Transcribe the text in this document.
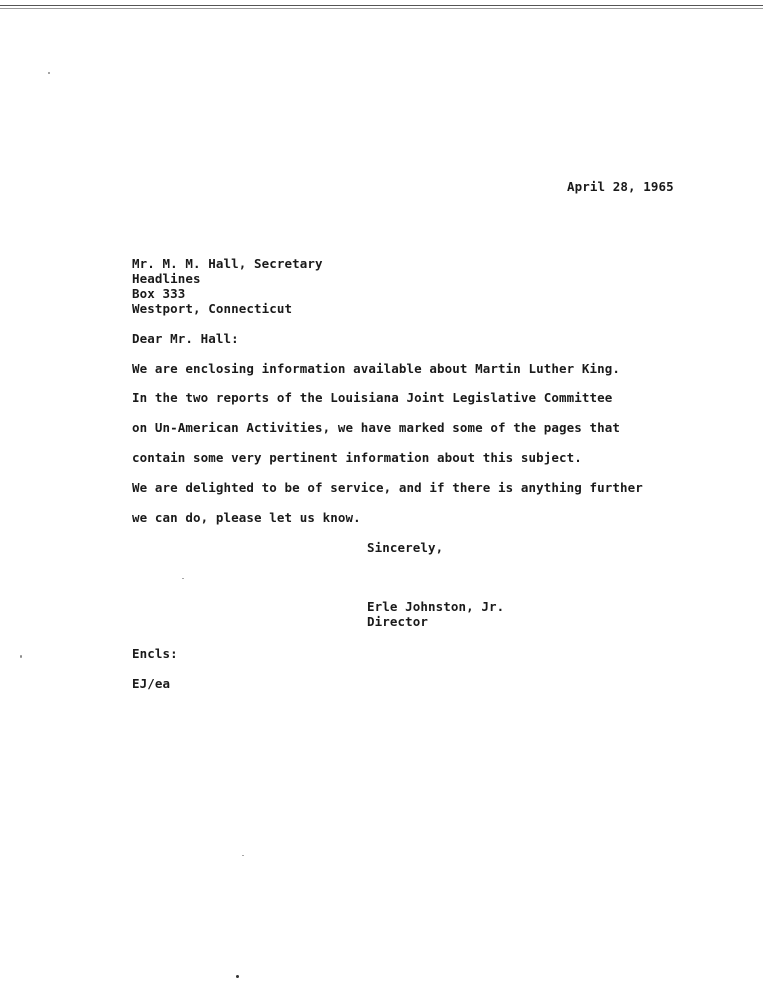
April 28, 1965
Mr. M. M. Hall, Secretary
Headlines
Box 333
Westport, Connecticut
Dear Mr. Hall:
We are enclosing information available about Martin Luther King.
In the two reports of the Louisiana Joint Legislative Committee
on Un-American Activities, we have marked some of the pages that
contain some very pertinent information about this subject.
We are delighted to be of service, and if there is anything further
we can do, please let us know.
Sincerely,
Erle Johnston, Jr.
Director
Encls:
EJ/ea
